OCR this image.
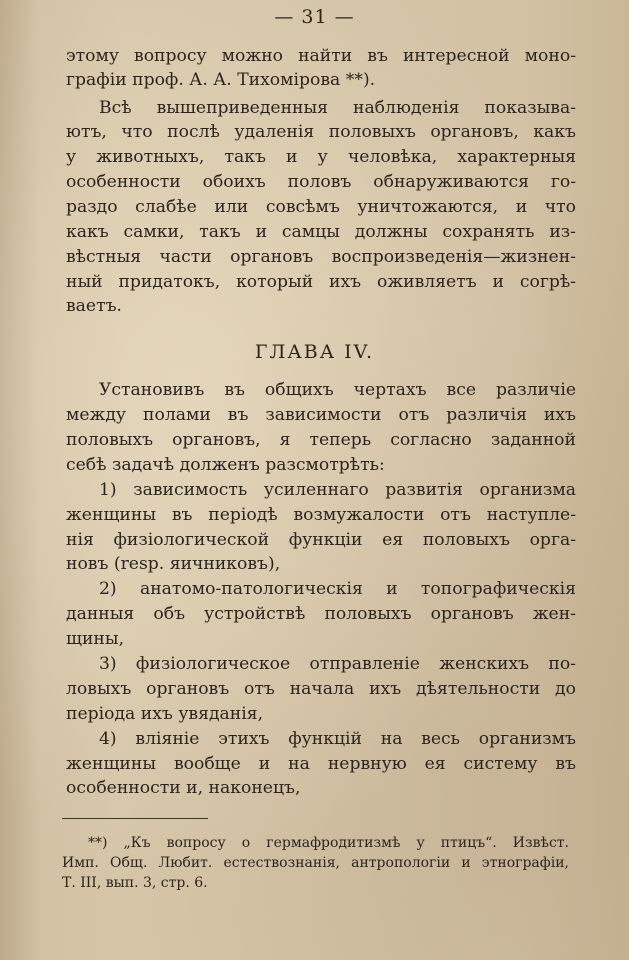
— 31 —
этому вопросу можно найти въ интересной моно-
графіи проф. А. А. Тихомірова **).
Всѣ вышеприведенныя наблюденія показыва-
ютъ, что послѣ удаленія половыхъ органовъ, какъ
у животныхъ, такъ и у человѣка, характерныя
особенности обоихъ половъ обнаруживаются го-
раздо слабѣе или совсѣмъ уничтожаются, и что
какъ самки, такъ и самцы должны сохранять из-
вѣстныя части органовъ воспроизведенія—жизнен-
ный придатокъ, который ихъ оживляетъ и согрѣ-
ваетъ.
ГЛАВА IV.
Установивъ въ общихъ чертахъ все различіе
между полами въ зависимости отъ различія ихъ
половыхъ органовъ, я теперь согласно заданной
себѣ задачѣ долженъ разсмотрѣть:
1) зависимость усиленнаго развитія организма
женщины въ періодѣ возмужалости отъ наступле-
нія физіологической функціи ея половыхъ орга-
новъ (resp. яичниковъ),
2) анатомо-патологическія и топографическія
данныя объ устройствѣ половыхъ органовъ жен-
щины,
3) физіологическое отправленіе женскихъ по-
ловыхъ органовъ отъ начала ихъ дѣятельности до
періода ихъ увяданія,
4) вліяніе этихъ функцій на весь организмъ
женщины вообще и на нервную ея систему въ
особенности и, наконецъ,
**) „Къ вопросу о гермафродитизмѣ у птицъ“. Извѣст.
Имп. Общ. Любит. естествознанія, антропологіи и этнографіи,
Т. III, вып. 3, стр. 6.
